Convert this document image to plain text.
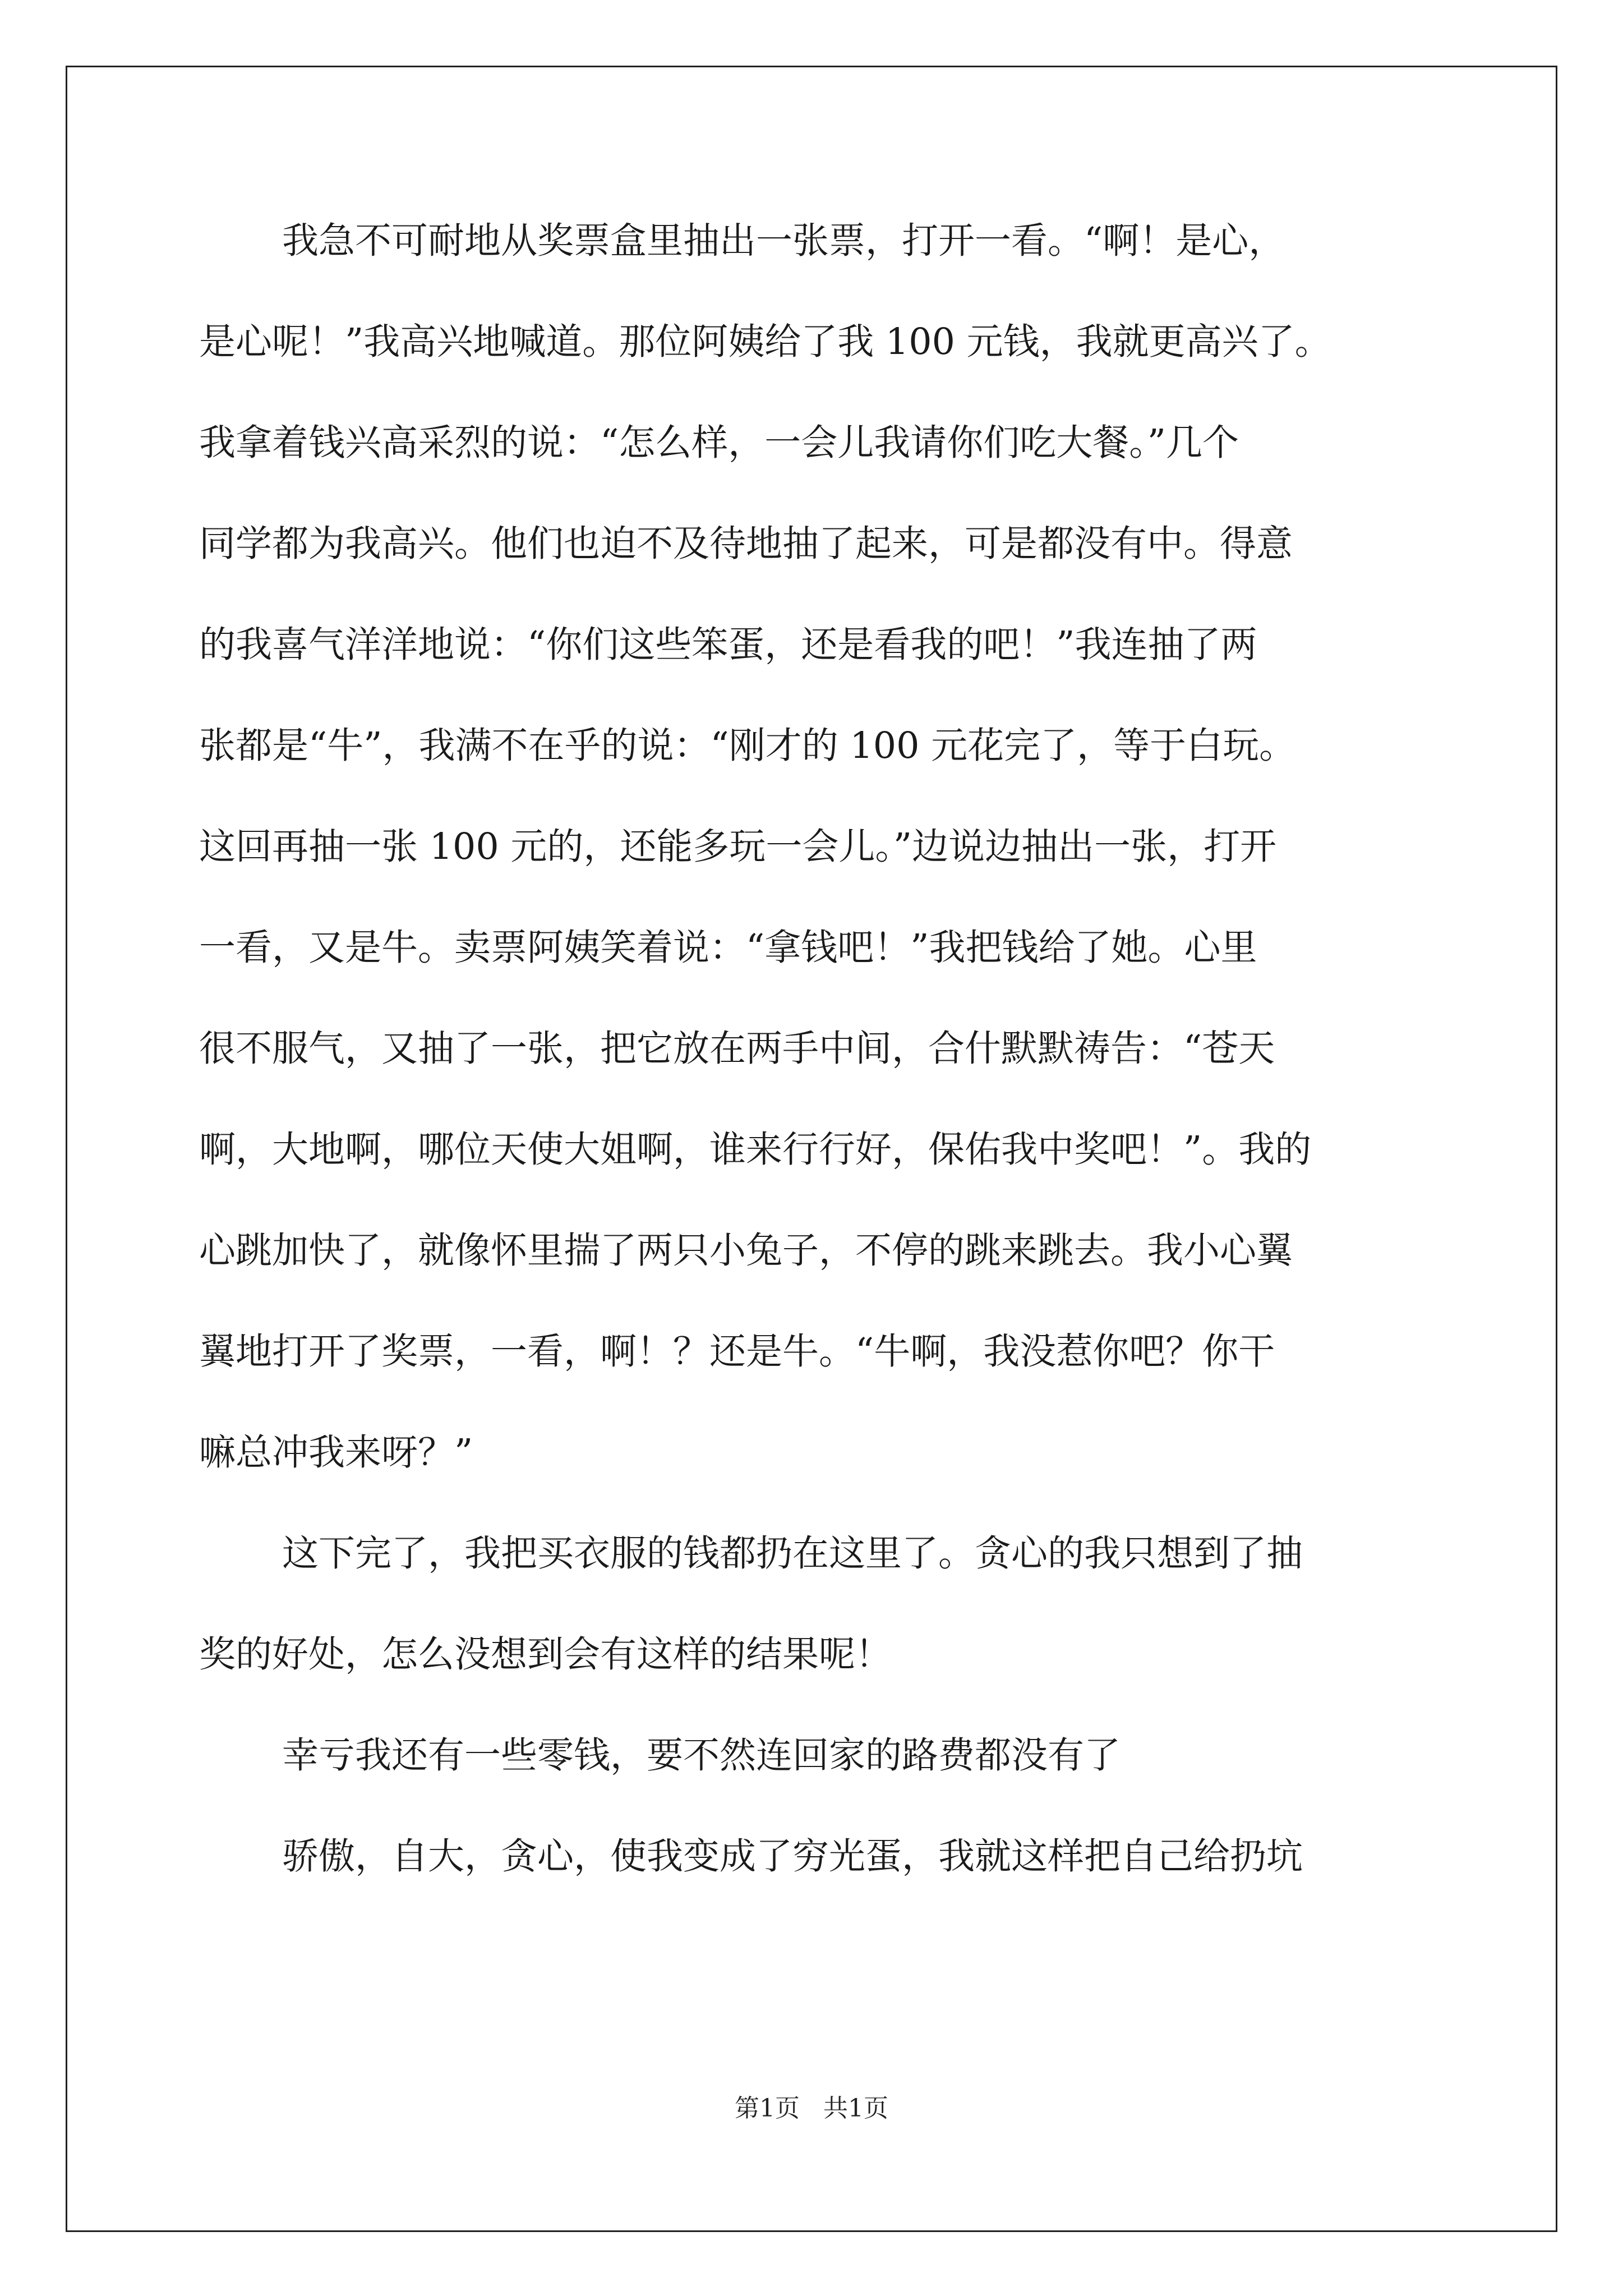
我急不可耐地从奖票盒里抽出一张票，打开一看。“啊！是心，
是心呢！”我高兴地喊道。那位阿姨给了我 100 元钱，我就更高兴了。
我拿着钱兴高采烈的说：“怎么样，一会儿我请你们吃大餐。”几个
同学都为我高兴。他们也迫不及待地抽了起来，可是都没有中。得意
的我喜气洋洋地说：“你们这些笨蛋，还是看我的吧！”我连抽了两
张都是“牛”，我满不在乎的说：“刚才的 100 元花完了，等于白玩。
这回再抽一张 100 元的，还能多玩一会儿。”边说边抽出一张，打开
一看，又是牛。卖票阿姨笑着说：“拿钱吧！”我把钱给了她。心里
很不服气，又抽了一张，把它放在两手中间，合什默默祷告：“苍天
啊，大地啊，哪位天使大姐啊，谁来行行好，保佑我中奖吧！”。我的
心跳加快了，就像怀里揣了两只小兔子，不停的跳来跳去。我小心翼
翼地打开了奖票，一看，啊！？还是牛。“牛啊，我没惹你吧？你干
嘛总冲我来呀？”
这下完了，我把买衣服的钱都扔在这里了。贪心的我只想到了抽
奖的好处，怎么没想到会有这样的结果呢！
幸亏我还有一些零钱，要不然连回家的路费都没有了
骄傲，自大，贪心，使我变成了穷光蛋，我就这样把自己给扔坑
第1页   共1页
